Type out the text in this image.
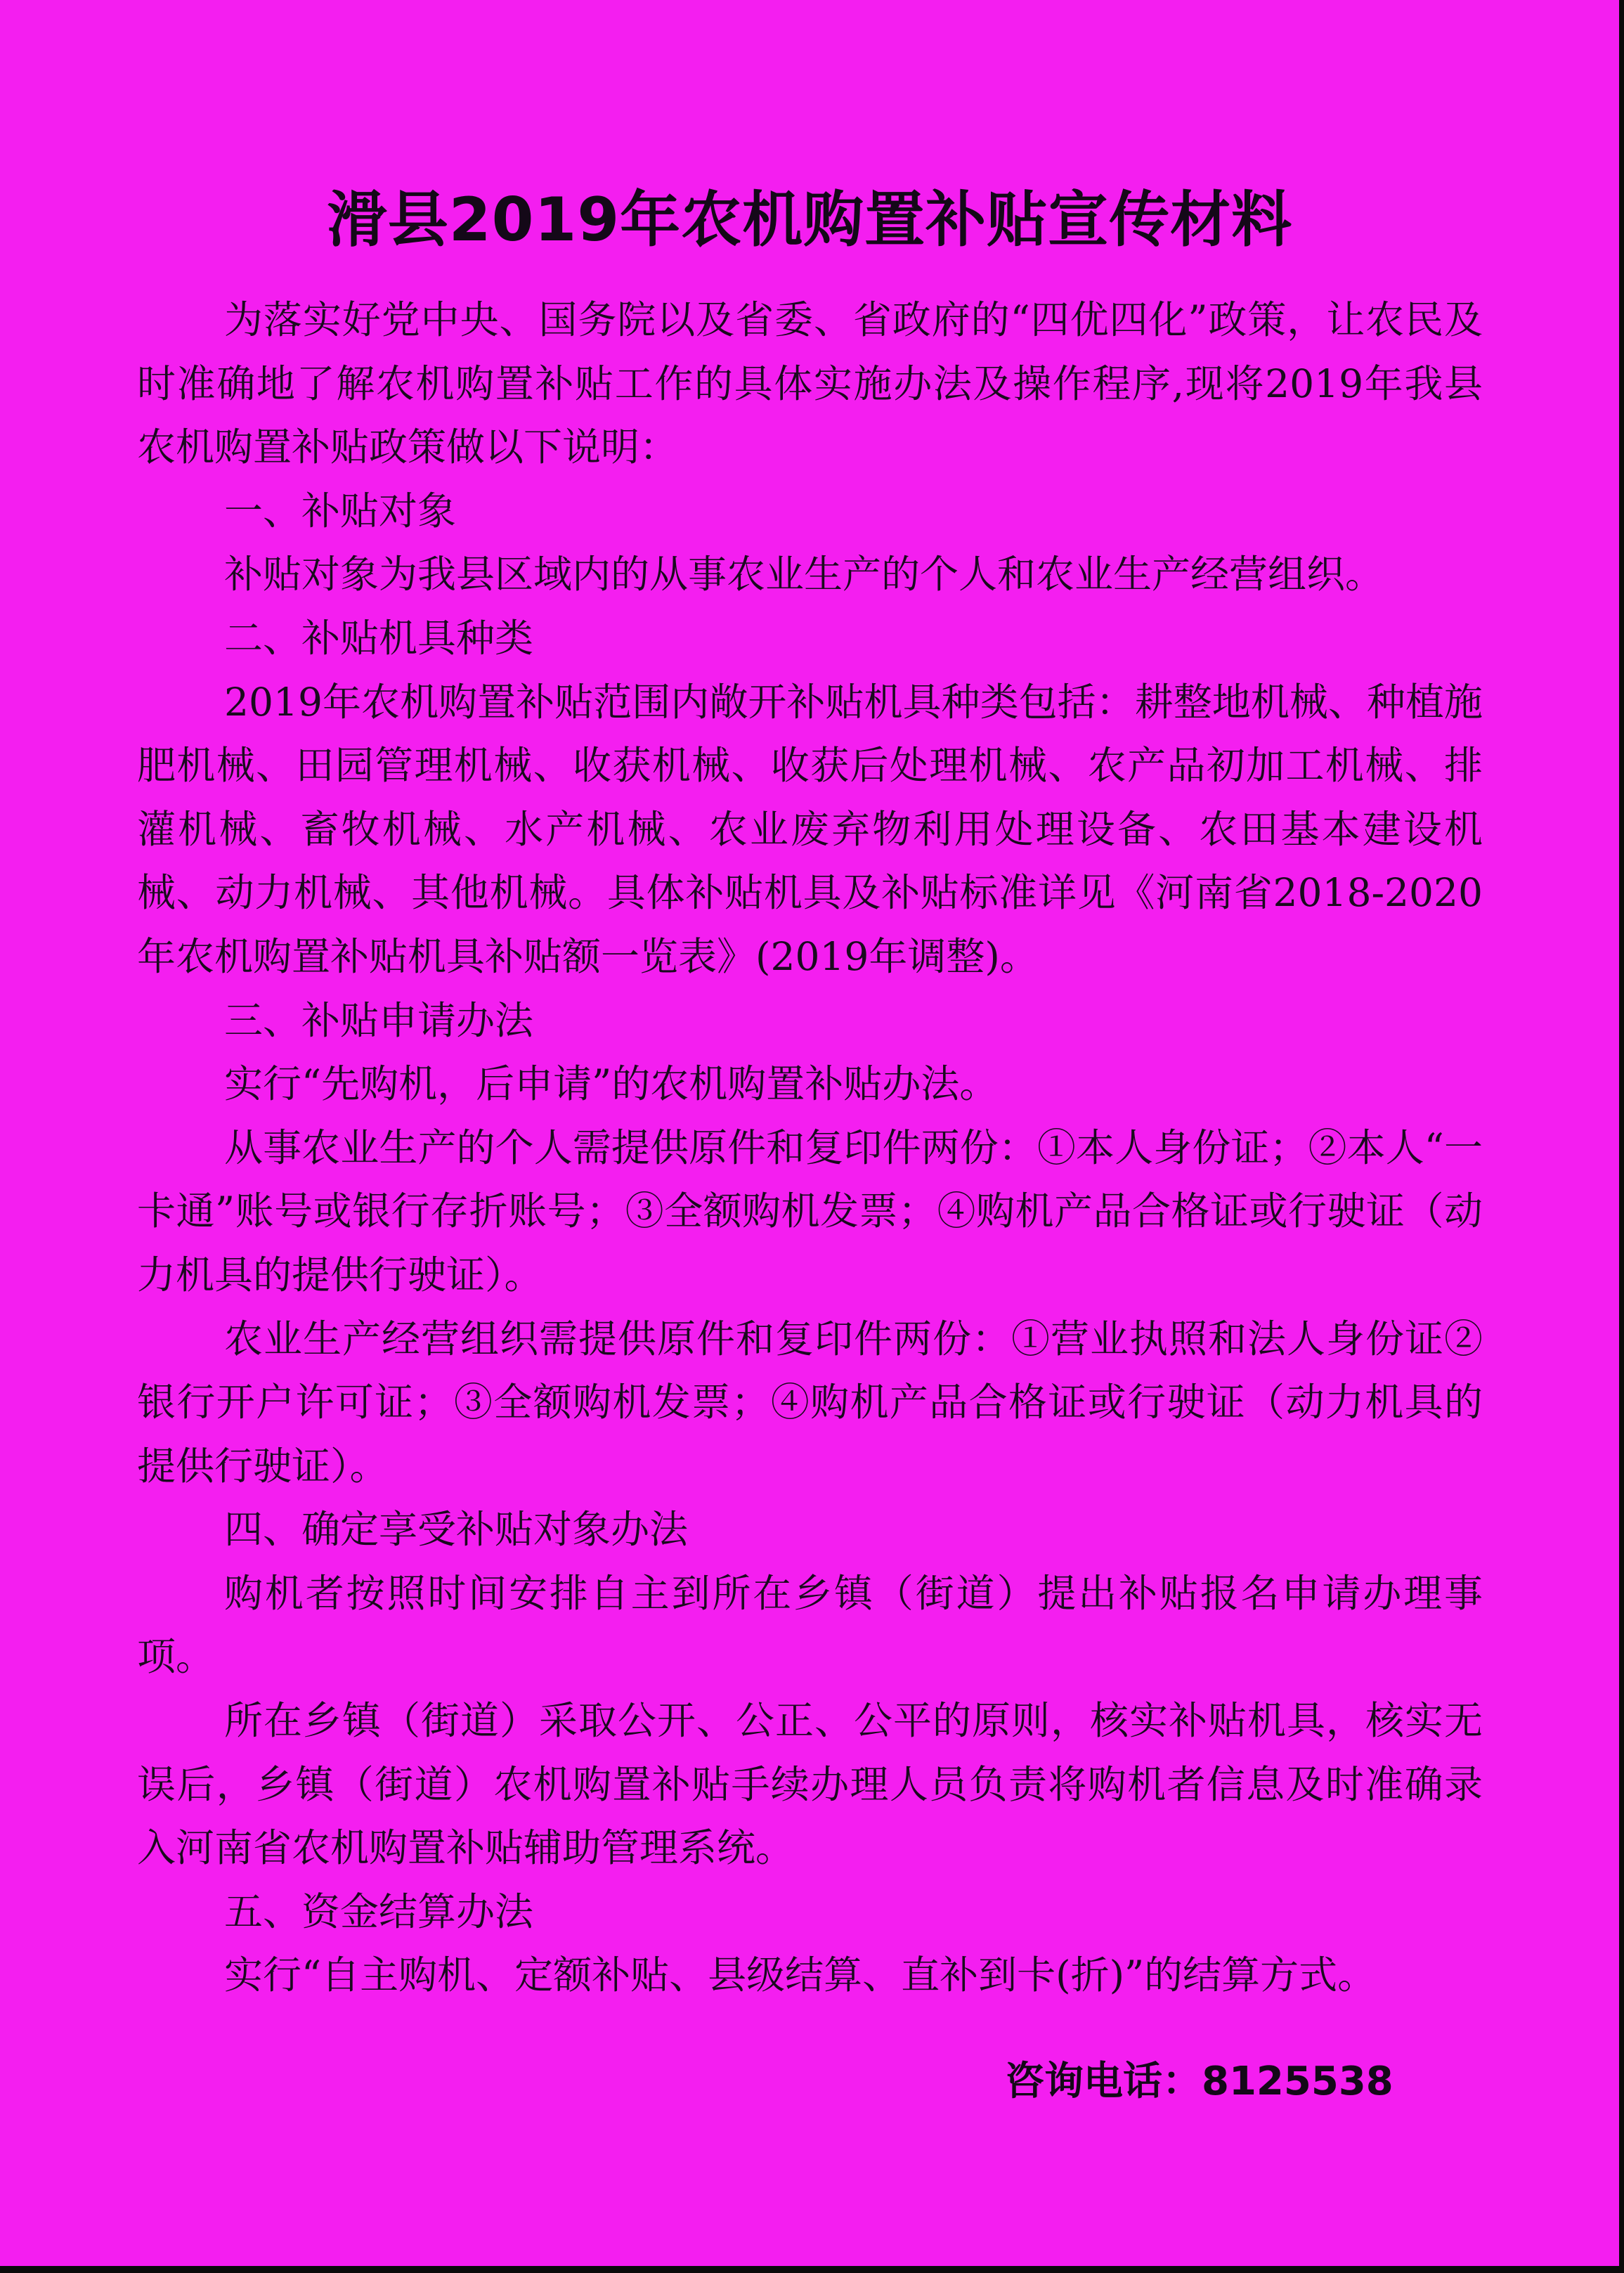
滑县2019年农机购置补贴宣传材料

为落实好党中央、国务院以及省委、省政府的“四优四化”政策，让农民及时准确地了解农机购置补贴工作的具体实施办法及操作程序,现将2019年我县农机购置补贴政策做以下说明：

一、补贴对象

补贴对象为我县区域内的从事农业生产的个人和农业生产经营组织。

二、补贴机具种类

2019年农机购置补贴范围内敞开补贴机具种类包括：耕整地机械、种植施肥机械、田园管理机械、收获机械、收获后处理机械、农产品初加工机械、排灌机械、畜牧机械、水产机械、农业废弃物利用处理设备、农田基本建设机械、动力机械、其他机械。具体补贴机具及补贴标准详见《河南省2018-2020年农机购置补贴机具补贴额一览表》(2019年调整)。

三、补贴申请办法

实行“先购机，后申请”的农机购置补贴办法。

从事农业生产的个人需提供原件和复印件两份：①本人身份证；②本人“一卡通”账号或银行存折账号；③全额购机发票；④购机产品合格证或行驶证（动力机具的提供行驶证）。

农业生产经营组织需提供原件和复印件两份：①营业执照和法人身份证②银行开户许可证；③全额购机发票；④购机产品合格证或行驶证（动力机具的提供行驶证）。

四、确定享受补贴对象办法

购机者按照时间安排自主到所在乡镇（街道）提出补贴报名申请办理事项。

所在乡镇（街道）采取公开、公正、公平的原则，核实补贴机具，核实无误后，乡镇（街道）农机购置补贴手续办理人员负责将购机者信息及时准确录入河南省农机购置补贴辅助管理系统。

五、资金结算办法

实行“自主购机、定额补贴、县级结算、直补到卡(折)”的结算方式。

咨询电话：8125538
